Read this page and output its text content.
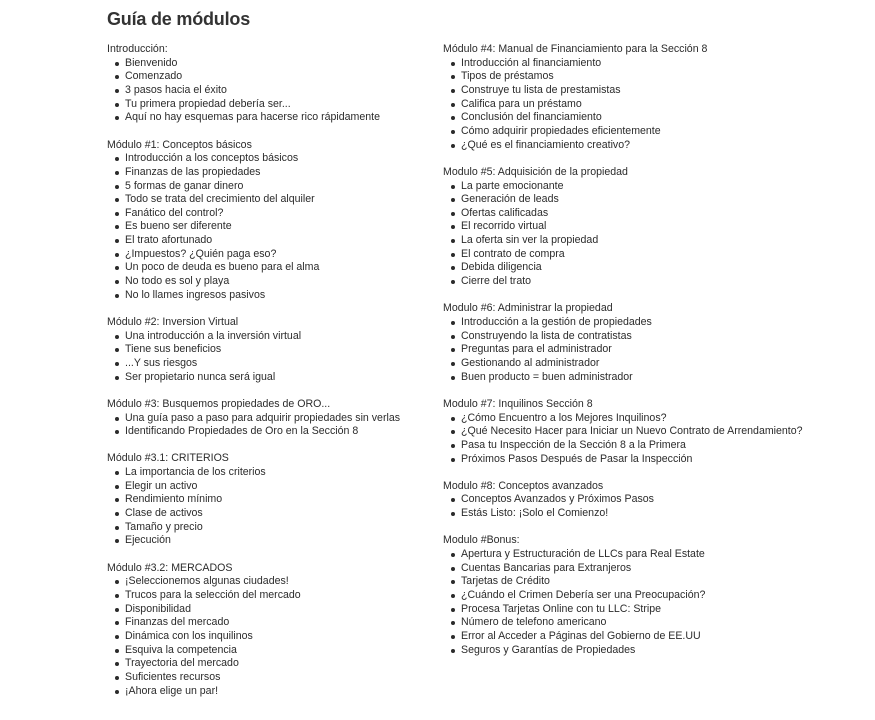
Guía de módulos

Introducción:

Bienvenido
Comenzado
3 pasos hacia el éxito
Tu primera propiedad debería ser...
Aquí no hay esquemas para hacerse rico rápidamente

Módulo #1: Conceptos básicos

Introducción a los conceptos básicos
Finanzas de las propiedades
5 formas de ganar dinero
Todo se trata del crecimiento del alquiler
Fanático del control?
Es bueno ser diferente
El trato afortunado
¿Impuestos? ¿Quién paga eso?
Un poco de deuda es bueno para el alma
No todo es sol y playa
No lo llames ingresos pasivos

Módulo #2: Inversion Virtual

Una introducción a la inversión virtual
Tiene sus beneficios
...Y sus riesgos
Ser propietario nunca será igual

Módulo #3: Busquemos propiedades de ORO...

Una guía paso a paso para adquirir propiedades sin verlas
Identificando Propiedades de Oro en la Sección 8

Módulo #3.1: CRITERIOS

La importancia de los criterios
Elegir un activo
Rendimiento mínimo
Clase de activos
Tamaño y precio
Ejecución

Módulo #3.2: MERCADOS

¡Seleccionemos algunas ciudades!
Trucos para la selección del mercado
Disponibilidad
Finanzas del mercado
Dinámica con los inquilinos
Esquiva la competencia
Trayectoria del mercado
Suficientes recursos
¡Ahora elige un par!

Módulo #4: Manual de Financiamiento para la Sección 8

Introducción al financiamiento
Tipos de préstamos
Construye tu lista de prestamistas
Califica para un préstamo
Conclusión del financiamiento
Cómo adquirir propiedades eficientemente
¿Qué es el financiamiento creativo?

Modulo #5: Adquisición de la propiedad

La parte emocionante
Generación de leads
Ofertas calificadas
El recorrido virtual
La oferta sin ver la propiedad
El contrato de compra
Debida diligencia
Cierre del trato

Modulo #6: Administrar la propiedad

Introducción a la gestión de propiedades
Construyendo la lista de contratistas
Preguntas para el administrador
Gestionando al administrador
Buen producto = buen administrador

Modulo #7: Inquilinos Sección 8

¿Cómo Encuentro a los Mejores Inquilinos?
¿Qué Necesito Hacer para Iniciar un Nuevo Contrato de Arrendamiento?
Pasa tu Inspección de la Sección 8 a la Primera
Próximos Pasos Después de Pasar la Inspección

Modulo #8: Conceptos avanzados

Conceptos Avanzados y Próximos Pasos
Estás Listo: ¡Solo el Comienzo!

Modulo #Bonus:

Apertura y Estructuración de LLCs para Real Estate
Cuentas Bancarias para Extranjeros
Tarjetas de Crédito
¿Cuándo el Crimen Debería ser una Preocupación?
Procesa Tarjetas Online con tu LLC: Stripe
Número de telefono americano
Error al Acceder a Páginas del Gobierno de EE.UU
Seguros y Garantías de Propiedades
